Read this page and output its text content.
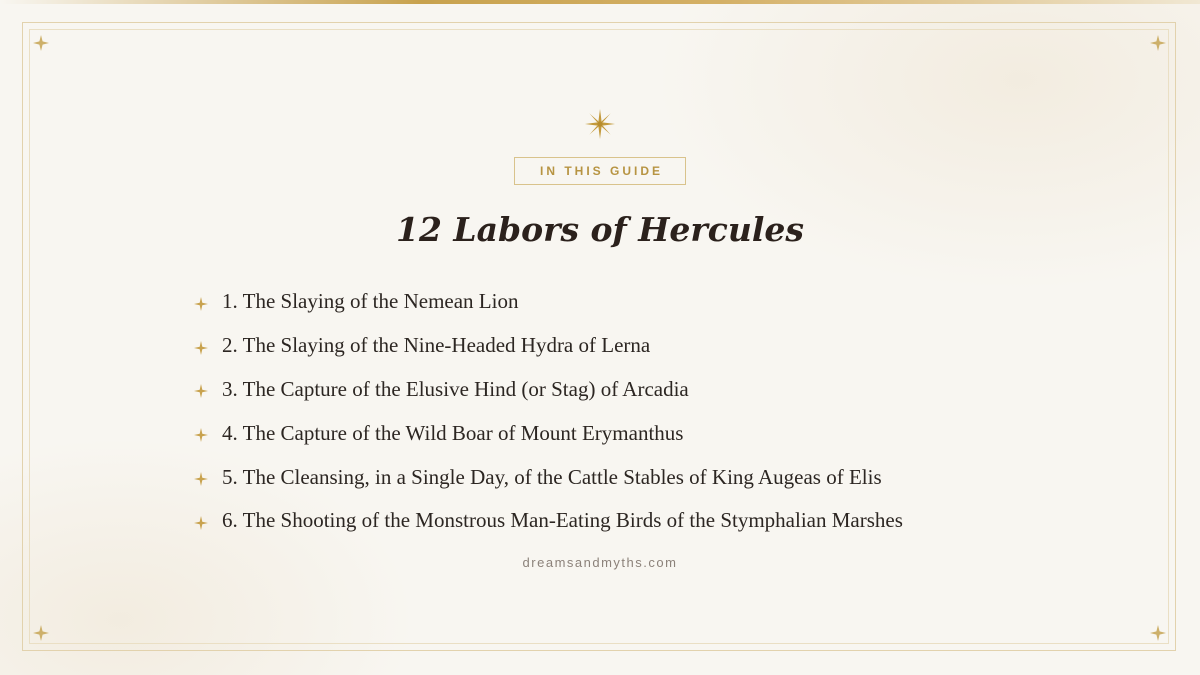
IN THIS GUIDE
12 Labors of Hercules
1. The Slaying of the Nemean Lion
2. The Slaying of the Nine-Headed Hydra of Lerna
3. The Capture of the Elusive Hind (or Stag) of Arcadia
4. The Capture of the Wild Boar of Mount Erymanthus
5. The Cleansing, in a Single Day, of the Cattle Stables of King Augeas of Elis
6. The Shooting of the Monstrous Man-Eating Birds of the Stymphalian Marshes
dreamsandmyths.com
